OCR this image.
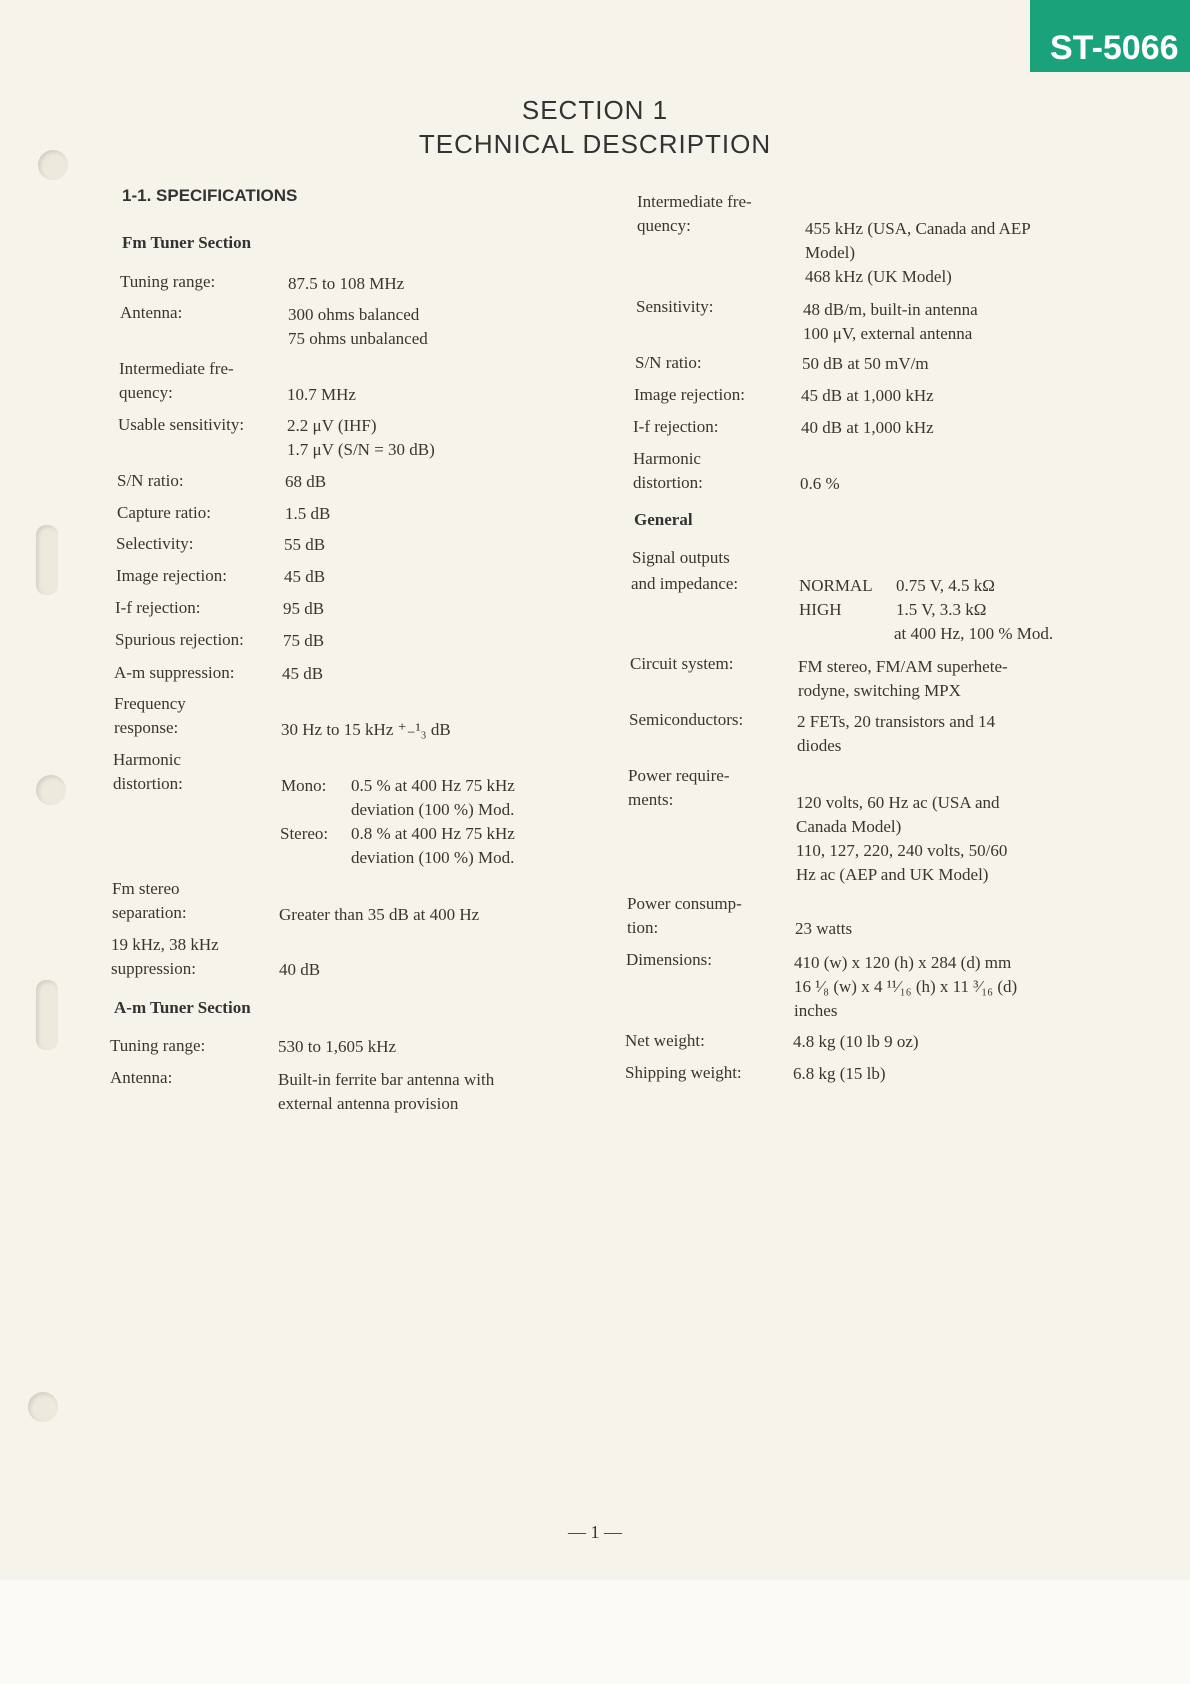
ST-5066
SECTION 1
TECHNICAL DESCRIPTION
1-1. SPECIFICATIONS
Fm Tuner Section
Tuning range:	87.5 to 108 MHz
Antenna:	300 ohms balanced
75 ohms unbalanced
Intermediate fre-
quency:	10.7 MHz
Usable sensitivity:	2.2 μV (IHF)
1.7 μV (S/N = 30 dB)
S/N ratio:	68 dB
Capture ratio:	1.5 dB
Selectivity:	55 dB
Image rejection:	45 dB
I-f rejection:	95 dB
Spurious rejection: 75 dB
A-m suppression:	45 dB
Frequency
response:	30 Hz to 15 kHz ⁺₋¹₃ dB
Harmonic
distortion:	Mono: 0.5 % at 400 Hz 75 kHz
deviation (100 %) Mod.
Stereo: 0.8 % at 400 Hz 75 kHz
deviation (100 %) Mod.
Fm stereo
separation:	Greater than 35 dB at 400 Hz
19 kHz, 38 kHz
suppression:	40 dB
A-m Tuner Section
Tuning range:	530 to 1,605 kHz
Antenna:	Built-in ferrite bar antenna with
external antenna provision
Intermediate fre-
quency:	455 kHz (USA, Canada and AEP
Model)
468 kHz (UK Model)
Sensitivity:	48 dB/m, built-in antenna
100 μV, external antenna
S/N ratio:	50 dB at 50 mV/m
Image rejection:	45 dB at 1,000 kHz
I-f rejection:	40 dB at 1,000 kHz
Harmonic
distortion:	0.6 %
General
Signal outputs
and impedance:	NORMAL 0.75 V, 4.5 kΩ
HIGH	1.5 V, 3.3 kΩ
at 400 Hz, 100 % Mod.
Circuit system:	FM stereo, FM/AM superhete-
rodyne, switching MPX
Semiconductors:	2 FETs, 20 transistors and 14
diodes
Power require-
ments:	120 volts, 60 Hz ac (USA and
Canada Model)
110, 127, 220, 240 volts, 50/60
Hz ac (AEP and UK Model)
Power consump-
tion:	23 watts
Dimensions:	410 (w) x 120 (h) x 284 (d) mm
16 ¹⁄₈ (w) x 4 ¹¹⁄₁₆ (h) x 11 ³⁄₁₆ (d)
inches
Net weight:	4.8 kg (10 lb 9 oz)
Shipping weight:	6.8 kg (15 lb)
— 1 —
